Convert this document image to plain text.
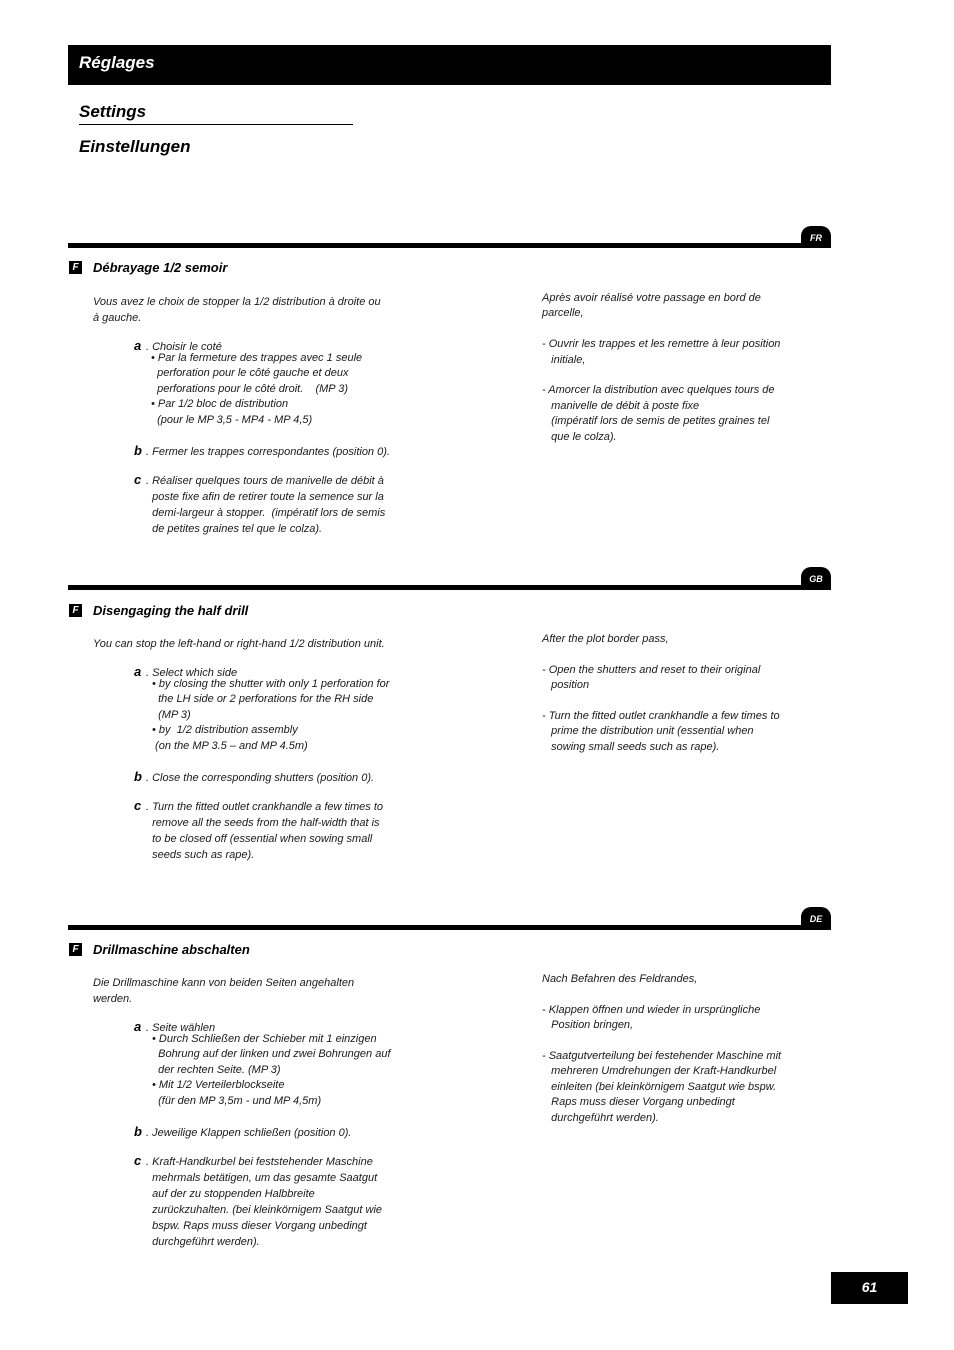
Réglages
Settings
Einstellungen
FR
F Débrayage 1/2 semoir
Vous avez le choix de stopper la 1/2 distribution à droite ou
à gauche.
a . Choisir le coté
• Par la fermeture des trappes avec 1 seule
perforation pour le côté gauche et deux
perforations pour le côté droit.    (MP 3)
• Par 1/2 bloc de distribution
(pour le MP 3,5 - MP4 - MP 4,5)
b . Fermer les trappes correspondantes (position 0).
c . Réaliser quelques tours de manivelle de débit à
poste fixe afin de retirer toute la semence sur la
demi-largeur à stopper.  (impératif lors de semis
de petites graines tel que le colza).
Après avoir réalisé votre passage en bord de
parcelle,

- Ouvrir les trappes et les remettre à leur position
initiale,

- Amorcer la distribution avec quelques tours de
manivelle de débit à poste fixe
(impératif lors de semis de petites graines tel
que le colza).
GB
F Disengaging the half drill
You can stop the left-hand or right-hand 1/2 distribution unit.
a . Select which side
• by closing the shutter with only 1 perforation for
the LH side or 2 perforations for the RH side
(MP 3)
• by  1/2 distribution assembly
(on the MP 3.5 – and MP 4.5m)
b . Close the corresponding shutters (position 0).
c . Turn the fitted outlet crankhandle a few times to
remove all the seeds from the half-width that is
to be closed off (essential when sowing small
seeds such as rape).
After the plot border pass,

- Open the shutters and reset to their original
position

- Turn the fitted outlet crankhandle a few times to
prime the distribution unit (essential when
sowing small seeds such as rape).
DE
F Drillmaschine abschalten
Die Drillmaschine kann von beiden Seiten angehalten
werden.
a . Seite wählen
• Durch Schließen der Schieber mit 1 einzigen
Bohrung auf der linken und zwei Bohrungen auf
der rechten Seite. (MP 3)
• Mit 1/2 Verteilerblockseite
(für den MP 3,5m - und MP 4,5m)
b . Jeweilige Klappen schließen (position 0).
c . Kraft-Handkurbel bei feststehender Maschine
mehrmals betätigen, um das gesamte Saatgut
auf der zu stoppenden Halbbreite
zurückzuhalten. (bei kleinkörnigem Saatgut wie
bspw. Raps muss dieser Vorgang unbedingt
durchgeführt werden).
Nach Befahren des Feldrandes,

- Klappen öffnen und wieder in ursprüngliche
Position bringen,

- Saatgutverteilung bei festehender Maschine mit
mehreren Umdrehungen der Kraft-Handkurbel
einleiten (bei kleinkörnigem Saatgut wie bspw.
Raps muss dieser Vorgang unbedingt
durchgeführt werden).
61
